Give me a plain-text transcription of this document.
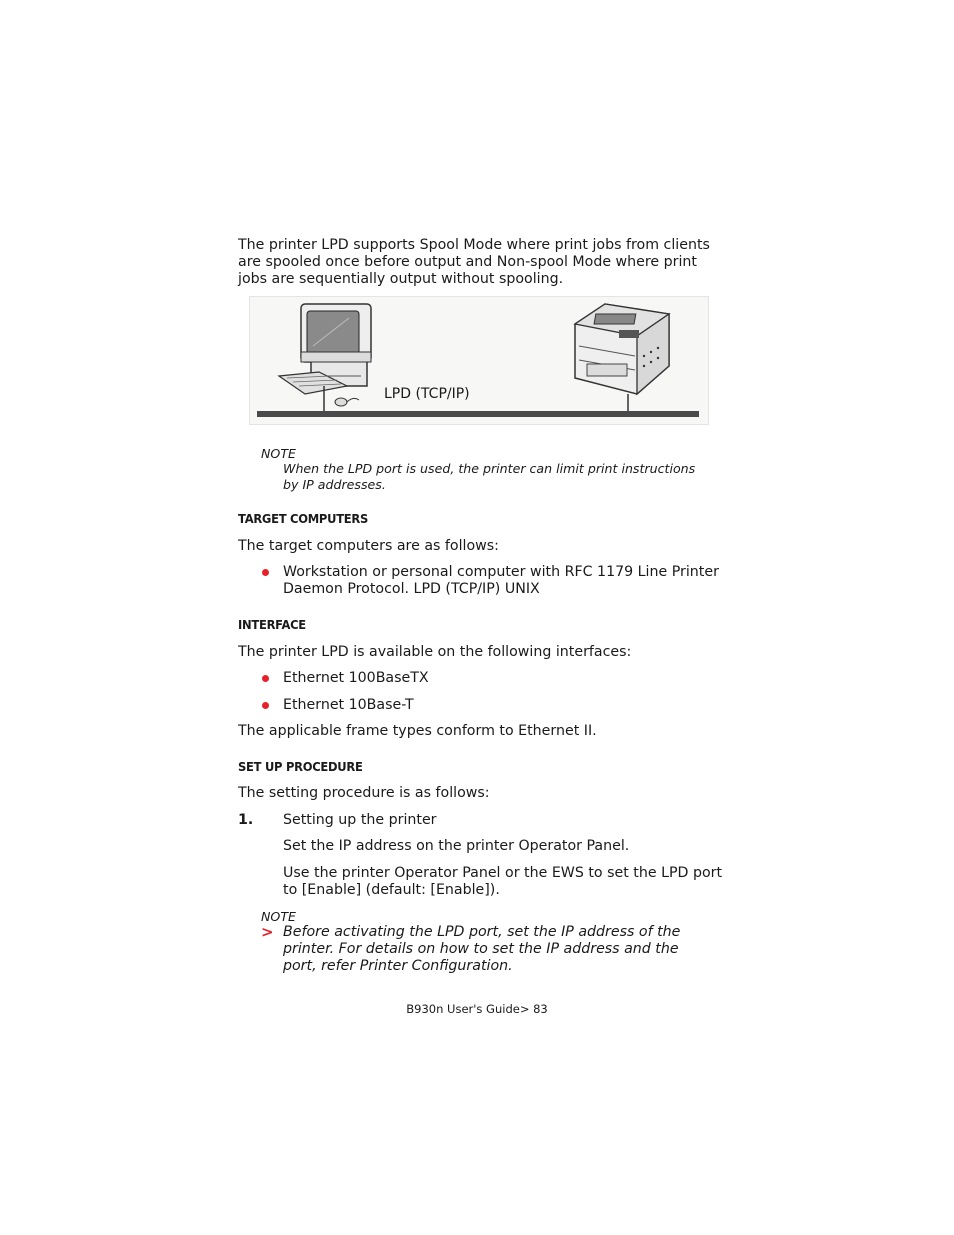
The printer LPD supports Spool Mode where print jobs from clients
are spooled once before output and Non-spool Mode where print
jobs are sequentially output without spooling.
LPD (TCP/IP)
NOTE
When the LPD port is used, the printer can limit print instructions
by IP addresses.
TARGET COMPUTERS
The target computers are as follows:
Workstation or personal computer with RFC 1179 Line Printer
Daemon Protocol. LPD (TCP/IP) UNIX
INTERFACE
The printer LPD is available on the following interfaces:
Ethernet 100BaseTX
Ethernet 10Base-T
The applicable frame types conform to Ethernet II.
SET UP PROCEDURE
The setting procedure is as follows:
1. Setting up the printer
Set the IP address on the printer Operator Panel.
Use the printer Operator Panel or the EWS to set the LPD port
to [Enable] (default: [Enable]).
NOTE
> Before activating the LPD port, set the IP address of the
printer. For details on how to set the IP address and the
port, refer Printer Configuration.
B930n User's Guide> 83
